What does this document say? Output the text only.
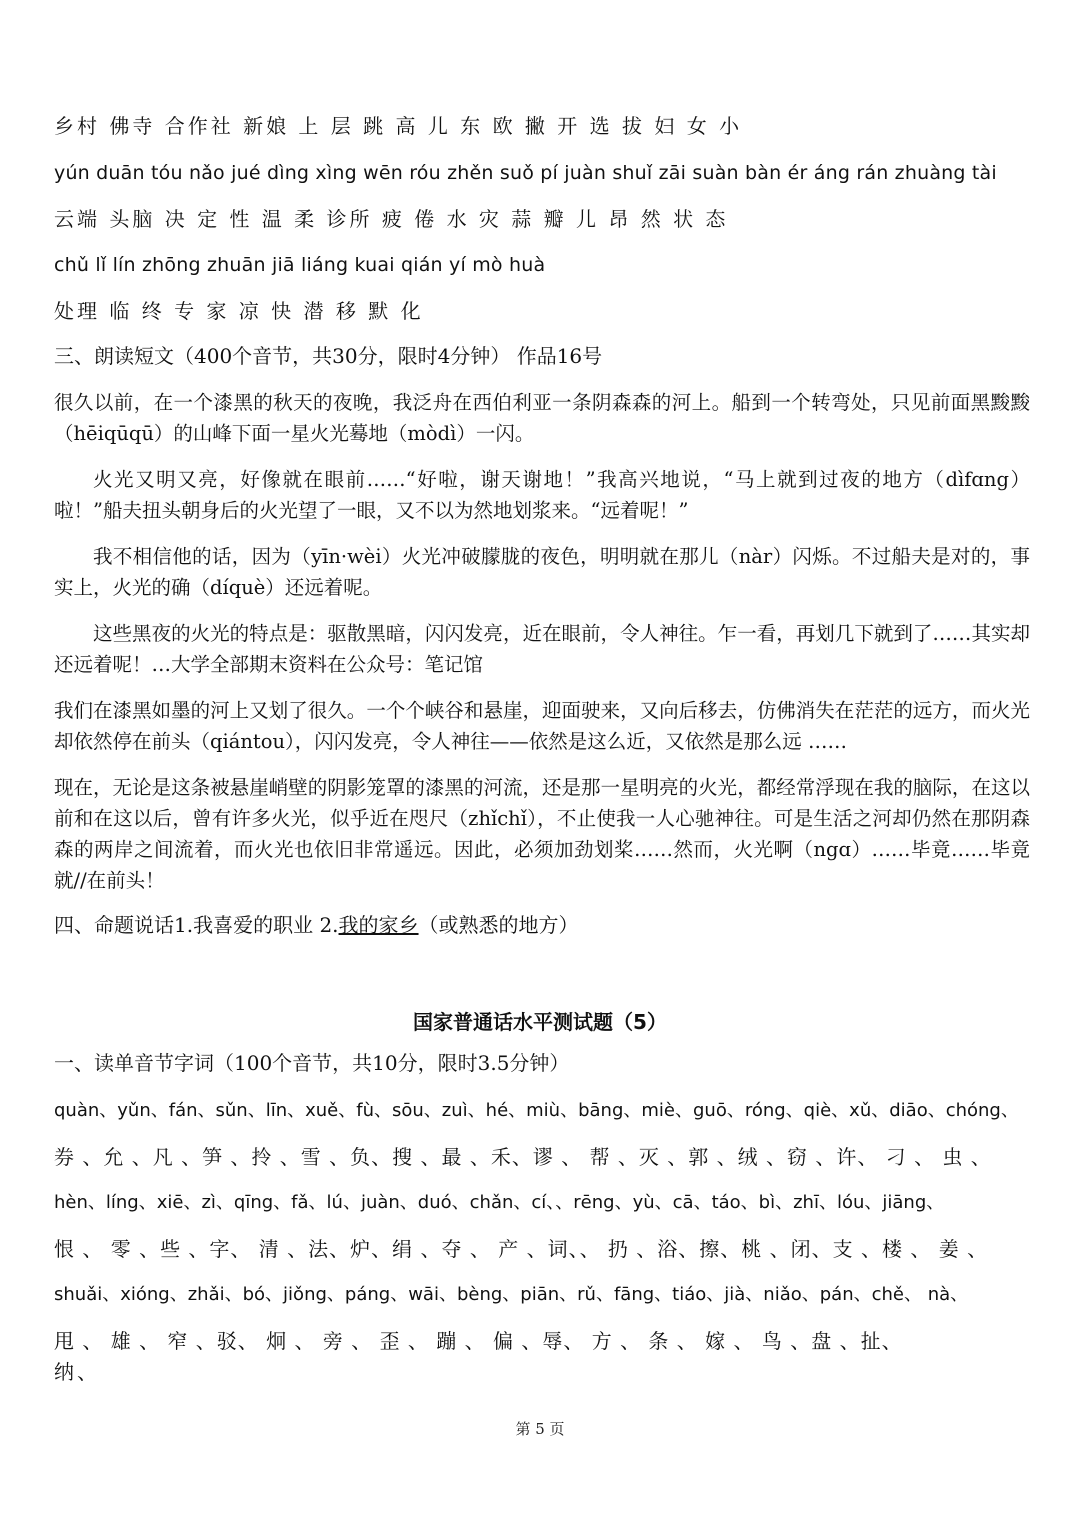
乡村 佛寺 合作社 新娘 上 层 跳 高 儿 东 欧 撇 开 选 拔 妇 女 小
yún duān tóu nǎo jué dìng xìng wēn róu zhěn suǒ pí juàn shuǐ zāi suàn bàn ér áng rán zhuàng tài
云端 头脑 决 定 性 温 柔 诊所 疲 倦 水 灾 蒜 瓣 儿 昂 然 状 态
chǔ lǐ lín zhōng zhuān jiā liáng kuai qián yí mò huà
处理 临 终 专 家 凉 快 潜 移 默 化
三、朗读短文（400个音节，共30分，限时4分钟） 作品16号
很久以前，在一个漆黑的秋天的夜晚，我泛舟在西伯利亚一条阴森森的河上。船到一个转弯处，只见前面黑黢黢（hēiqūqū）的山峰下面一星火光蓦地（mòdì）一闪。
火光又明又亮，好像就在眼前……“好啦，谢天谢地！”我高兴地说，“马上就到过夜的地方（dìfɑng）啦！”船夫扭头朝身后的火光望了一眼，又不以为然地划浆来。“远着呢！”
我不相信他的话，因为（yīn·wèi）火光冲破朦胧的夜色，明明就在那儿（nàr）闪烁。不过船夫是对的，事实上，火光的确（díquè）还远着呢。
这些黑夜的火光的特点是：驱散黑暗，闪闪发亮，近在眼前，令人神往。乍一看，再划几下就到了……其实却还远着呢！…大学全部期末资料在公众号：笔记馆
我们在漆黑如墨的河上又划了很久。一个个峡谷和悬崖，迎面驶来，又向后移去，仿佛消失在茫茫的远方，而火光却依然停在前头（qiántou），闪闪发亮，令人神往——依然是这么近，又依然是那么远 ……
现在，无论是这条被悬崖峭壁的阴影笼罩的漆黑的河流，还是那一星明亮的火光，都经常浮现在我的脑际，在这以前和在这以后，曾有许多火光，似乎近在咫尺（zhǐchǐ），不止使我一人心驰神往。可是生活之河却仍然在那阴森森的两岸之间流着，而火光也依旧非常遥远。因此，必须加劲划桨……然而，火光啊（ngɑ）……毕竟……毕竟就//在前头！
四、命题说话1.我喜爱的职业 2.我的家乡（或熟悉的地方）
国家普通话水平测试题（5）
一、读单音节字词（100个音节，共10分，限时3.5分钟）
quàn、yǔn、fán、sǔn、līn、xuě、fù、sōu、zuì、hé、miù、bāng、miè、guō、róng、qiè、xǔ、diāo、chóng、
券 、允 、凡 、笋 、拎 、雪 、负、搜 、最 、禾、谬 、 帮 、灭 、郭 、绒 、窃 、许、 刁 、 虫 、
hèn、líng、xiē、zì、qīng、fǎ、lú、juàn、duó、chǎn、cí、、rēng、yù、cā、táo、bì、zhī、lóu、jiāng、
恨 、 零 、些 、字、 清 、法、炉、绢 、夺 、 产 、词、、 扔 、浴、擦、桃 、闭、支 、楼 、 姜 、
shuǎi、xióng、zhǎi、bó、jiǒng、páng、wāi、bèng、piān、rǔ、fāng、tiáo、jià、niǎo、pán、chě、 nà、
甩 、 雄 、 窄 、驳、 炯 、 旁 、 歪 、 蹦 、 偏 、辱、 方 、 条 、 嫁 、 鸟 、盘 、扯、
纳、
第 5 页
